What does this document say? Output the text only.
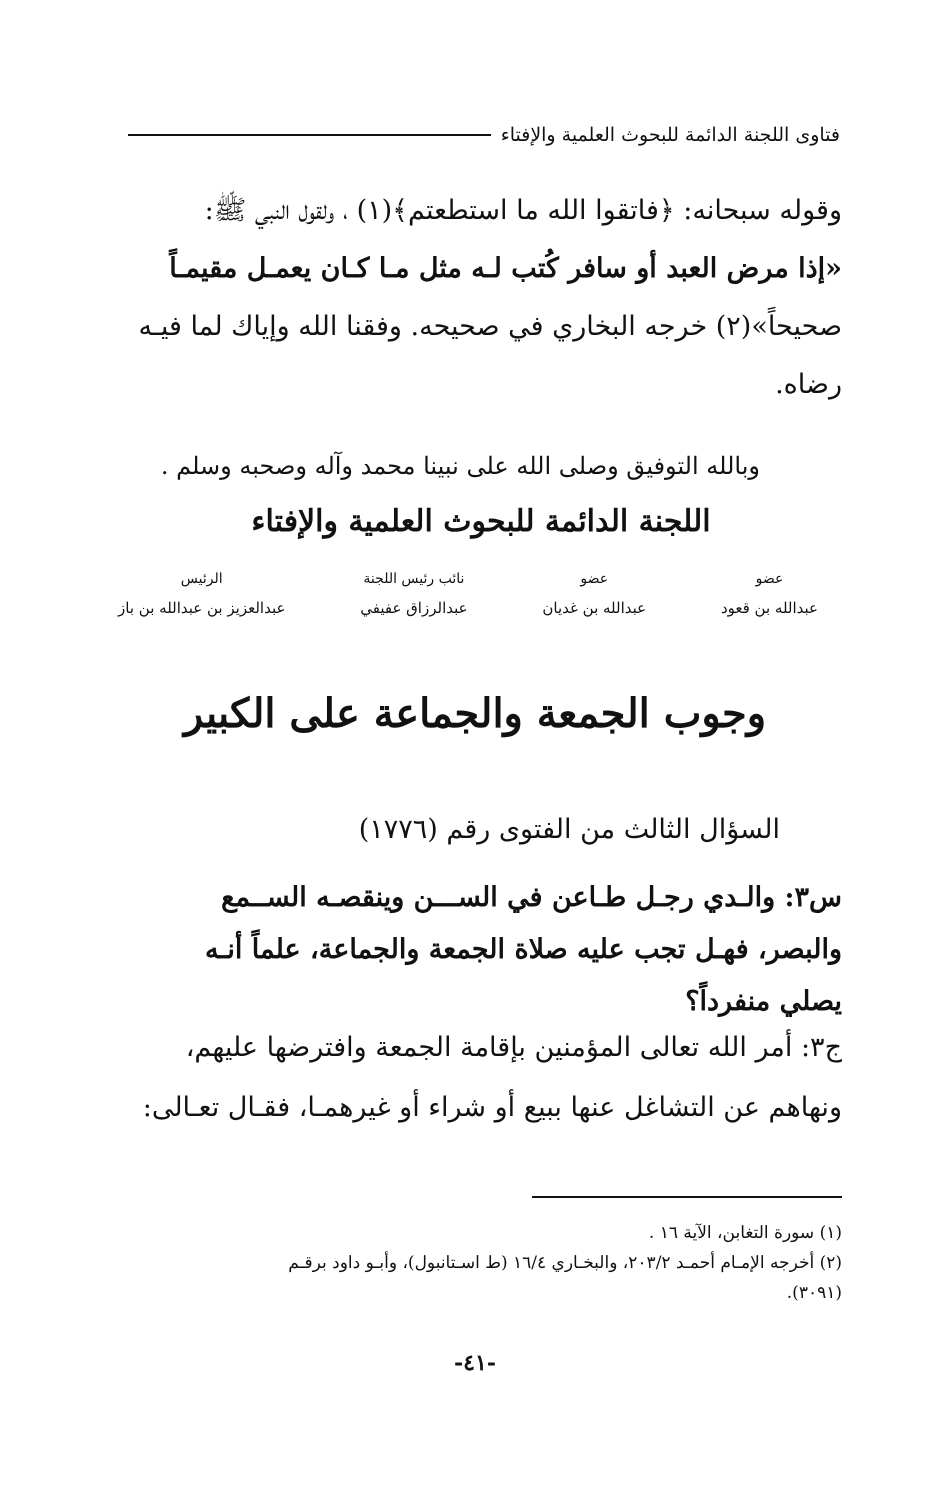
فتاوى اللجنة الدائمة للبحوث العلمية والإفتاء
وقوله سبحانه: ﴿فاتقوا الله ما استطعتم﴾(١) ، ولقول النبي ﷺ:
«إذا مرض العبد أو سافر كُتب لـه مثل مـا كـان يعمـل مقيمـاً
صحيحاً»(٢) خرجه البخاري في صحيحه. وفقنا الله وإياك لما فيـه
رضاه.
وبالله التوفيق وصلى الله على نبينا محمد وآله وصحبه وسلم .
اللجنة الدائمة للبحوث العلمية والإفتاء
عضو
عبدالله بن قعود
عضو
عبدالله بن غديان
نائب رئيس اللجنة
عبدالرزاق عفيفي
الرئيس
عبدالعزيز بن عبدالله بن باز
وجوب الجمعة والجماعة على الكبير
السؤال الثالث من الفتوى رقم (١٧٧٦)
س٣: والـدي رجـل طـاعن في الســـن وينقصـه الســمع
والبصر، فهـل تجب عليه صلاة الجمعة والجماعة، علماً أنـه
يصلي منفرداً؟
ج٣: أمر الله تعالى المؤمنين بإقامة الجمعة وافترضها عليهم،
ونهاهم عن التشاغل عنها ببيع أو شراء أو غيرهمـا، فقـال تعـالى:
(١) سورة التغابن، الآية ١٦ .
(٢) أخرجه الإمـام أحمـد ٢٠٣/٢، والبخـاري ١٦/٤ (ط اسـتانبول)، وأبـو داود برقـم
(٣٠٩١).
-٤١-
